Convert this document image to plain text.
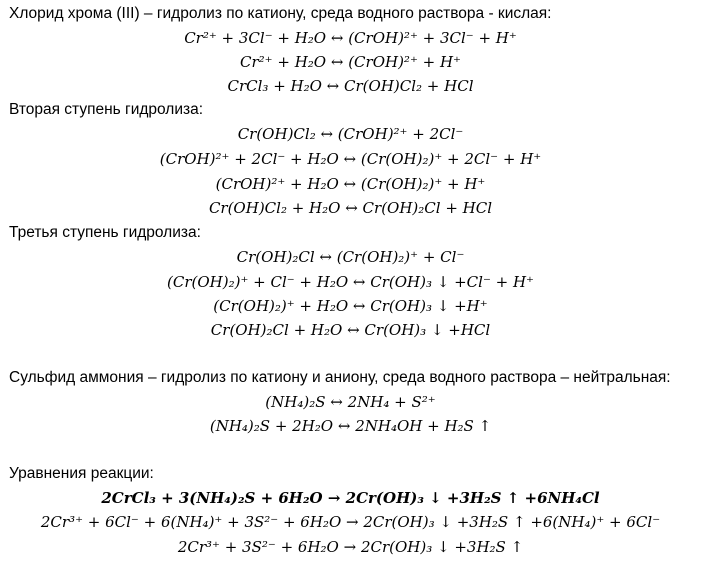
Хлорид хрома (III) – гидролиз по катиону, среда водного раствора - кислая:
Cr²⁺ + 3Cl⁻ + H₂O ↔ (CrOH)²⁺ + 3Cl⁻ + H⁺
Cr²⁺ + H₂O ↔ (CrOH)²⁺ + H⁺
CrCl₃ + H₂O ↔ Cr(OH)Cl₂ + HCl
Вторая ступень гидролиза:
Cr(OH)Cl₂ ↔ (CrOH)²⁺ + 2Cl⁻
(CrOH)²⁺ + 2Cl⁻ + H₂O ↔ (Cr(OH)₂)⁺ + 2Cl⁻ + H⁺
(CrOH)²⁺ + H₂O ↔ (Cr(OH)₂)⁺ + H⁺
Cr(OH)Cl₂ + H₂O ↔ Cr(OH)₂Cl + HCl
Третья ступень гидролиза:
Cr(OH)₂Cl ↔ (Cr(OH)₂)⁺ + Cl⁻
(Cr(OH)₂)⁺ + Cl⁻ + H₂O ↔ Cr(OH)₃ ↓ +Cl⁻ + H⁺
(Cr(OH)₂)⁺ + H₂O ↔ Cr(OH)₃ ↓ +H⁺
Cr(OH)₂Cl + H₂O ↔ Cr(OH)₃ ↓ +HCl
Сульфид аммония – гидролиз по катиону и аниону, среда водного раствора – нейтральная:
(NH₄)₂S ↔ 2NH₄ + S²⁺
(NH₄)₂S + 2H₂O ↔ 2NH₄OH + H₂S ↑
Уравнения реакции:
2CrCl₃ + 3(NH₄)₂S + 6H₂O → 2Cr(OH)₃ ↓ +3H₂S ↑ +6NH₄Cl
2Cr³⁺ + 6Cl⁻ + 6(NH₄)⁺ + 3S²⁻ + 6H₂O → 2Cr(OH)₃ ↓ +3H₂S ↑ +6(NH₄)⁺ + 6Cl⁻
2Cr³⁺ + 3S²⁻ + 6H₂O → 2Cr(OH)₃ ↓ +3H₂S ↑
